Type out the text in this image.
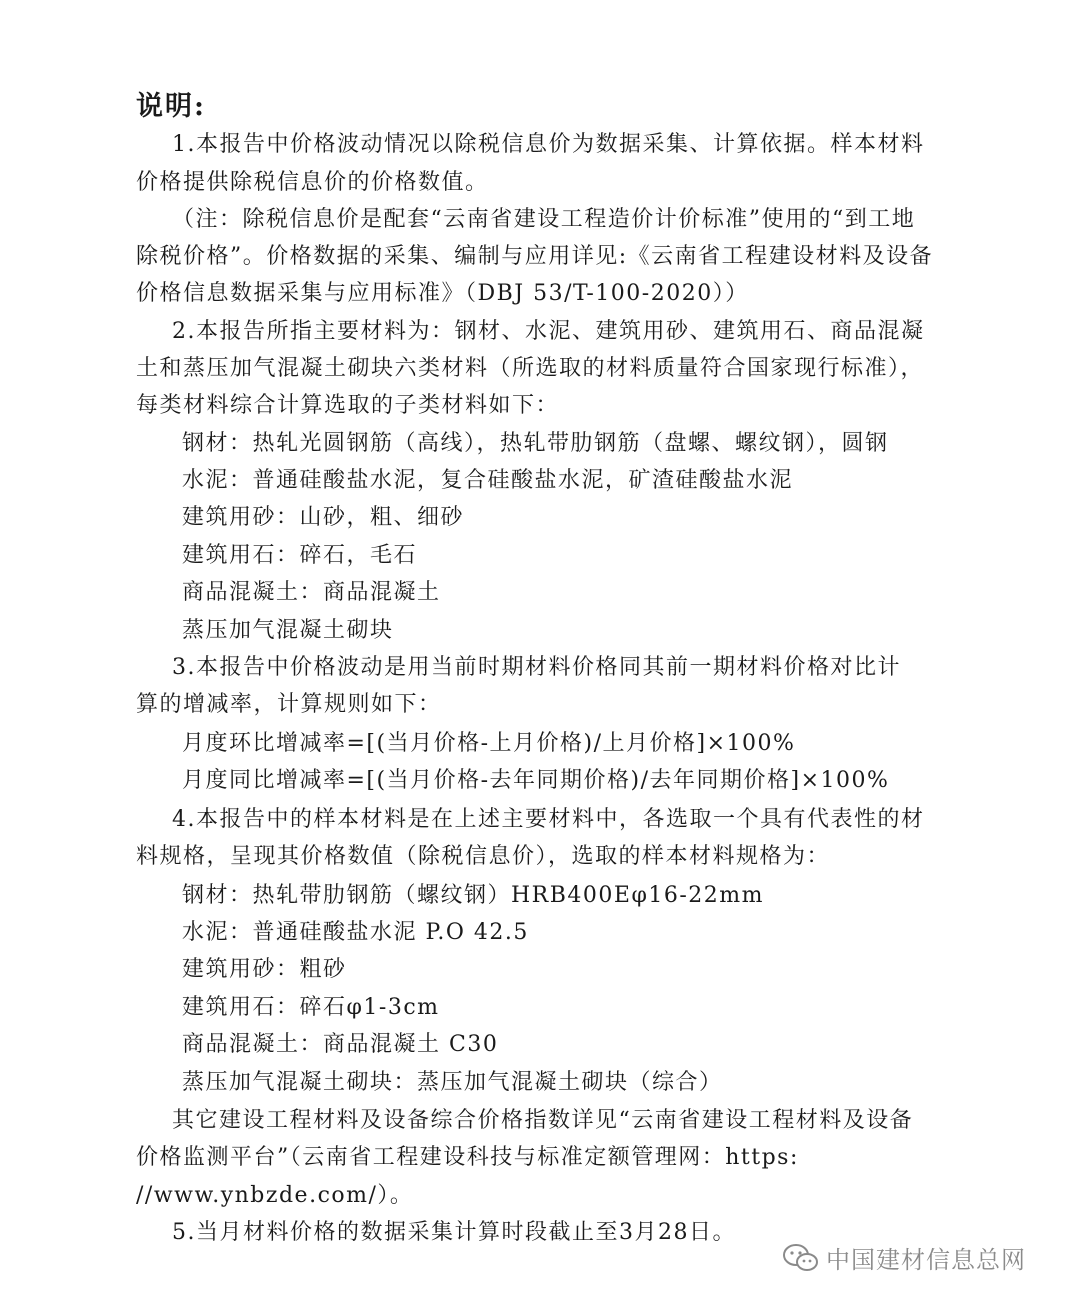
说明:

1.本报告中价格波动情况以除税信息价为数据采集、计算依据。样本材料

价格提供除税信息价的价格数值。

（注：除税信息价是配套“云南省建设工程造价计价标准”使用的“到工地

除税价格”。价格数据的采集、编制与应用详见:《云南省工程建设材料及设备

价格信息数据采集与应用标准》（DBJ 53/T-100-2020））

2.本报告所指主要材料为：钢材、水泥、建筑用砂、建筑用石、商品混凝

土和蒸压加气混凝土砌块六类材料（所选取的材料质量符合国家现行标准），

每类材料综合计算选取的子类材料如下：

钢材：热轧光圆钢筋（高线），热轧带肋钢筋（盘螺、螺纹钢），圆钢

水泥：普通硅酸盐水泥，复合硅酸盐水泥，矿渣硅酸盐水泥

建筑用砂：山砂，粗、细砂

建筑用石：碎石，毛石

商品混凝土：商品混凝土

蒸压加气混凝土砌块

3.本报告中价格波动是用当前时期材料价格同其前一期材料价格对比计

算的增减率，计算规则如下：

月度环比增减率=[(当月价格-上月价格)/上月价格]×100%

月度同比增减率=[(当月价格-去年同期价格)/去年同期价格]×100%

4.本报告中的样本材料是在上述主要材料中，各选取一个具有代表性的材

料规格，呈现其价格数值（除税信息价），选取的样本材料规格为：

钢材：热轧带肋钢筋（螺纹钢）HRB400Eφ16-22mm

水泥：普通硅酸盐水泥 P.O 42.5

建筑用砂：粗砂

建筑用石：碎石φ1-3cm

商品混凝土：商品混凝土 C30

蒸压加气混凝土砌块：蒸压加气混凝土砌块（综合）

其它建设工程材料及设备综合价格指数详见“云南省建设工程材料及设备

价格监测平台”（云南省工程建设科技与标准定额管理网：https:

//www.ynbzde.com/）。

5.当月材料价格的数据采集计算时段截止至3月28日。

中国建材信息总网
